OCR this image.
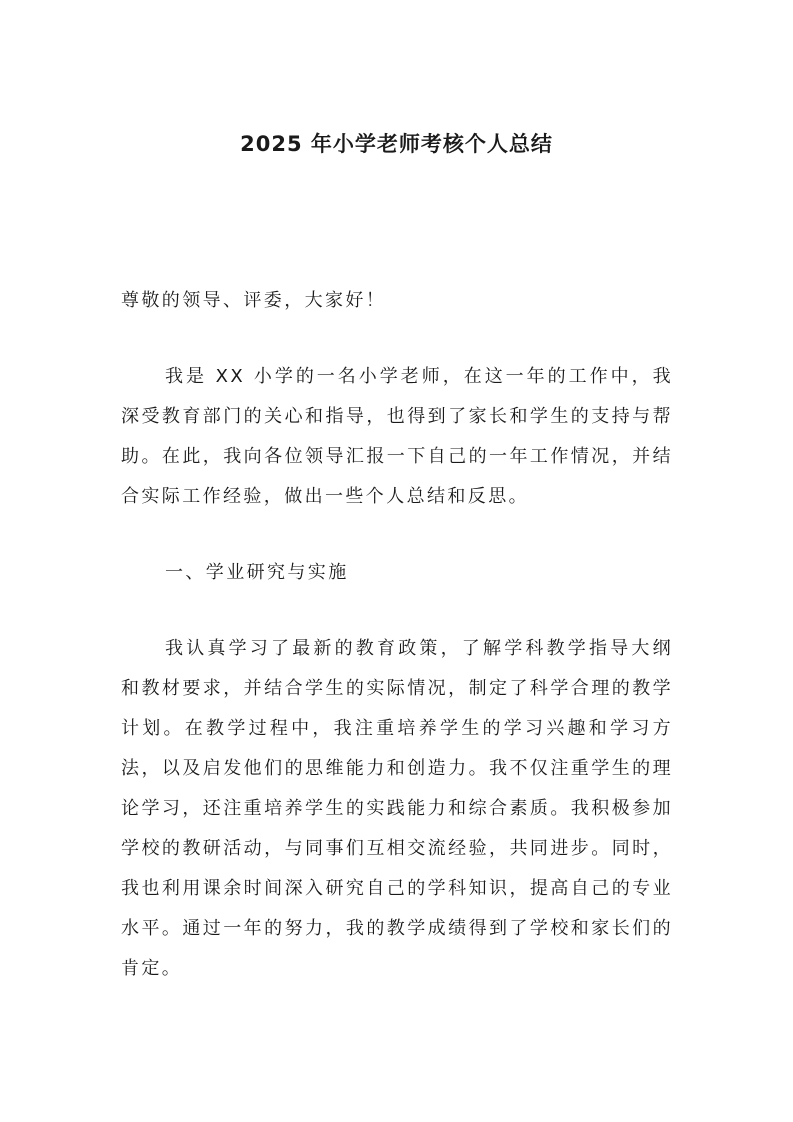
2025 年小学老师考核个人总结

尊敬的领导、评委，大家好！

我是 XX 小学的一名小学老师，在这一年的工作中，我深受教育部门的关心和指导，也得到了家长和学生的支持与帮助。在此，我向各位领导汇报一下自己的一年工作情况，并结合实际工作经验，做出一些个人总结和反思。

一、学业研究与实施

我认真学习了最新的教育政策，了解学科教学指导大纲和教材要求，并结合学生的实际情况，制定了科学合理的教学计划。在教学过程中，我注重培养学生的学习兴趣和学习方法，以及启发他们的思维能力和创造力。我不仅注重学生的理论学习，还注重培养学生的实践能力和综合素质。我积极参加学校的教研活动，与同事们互相交流经验，共同进步。同时，我也利用课余时间深入研究自己的学科知识，提高自己的专业水平。通过一年的努力，我的教学成绩得到了学校和家长们的肯定。
